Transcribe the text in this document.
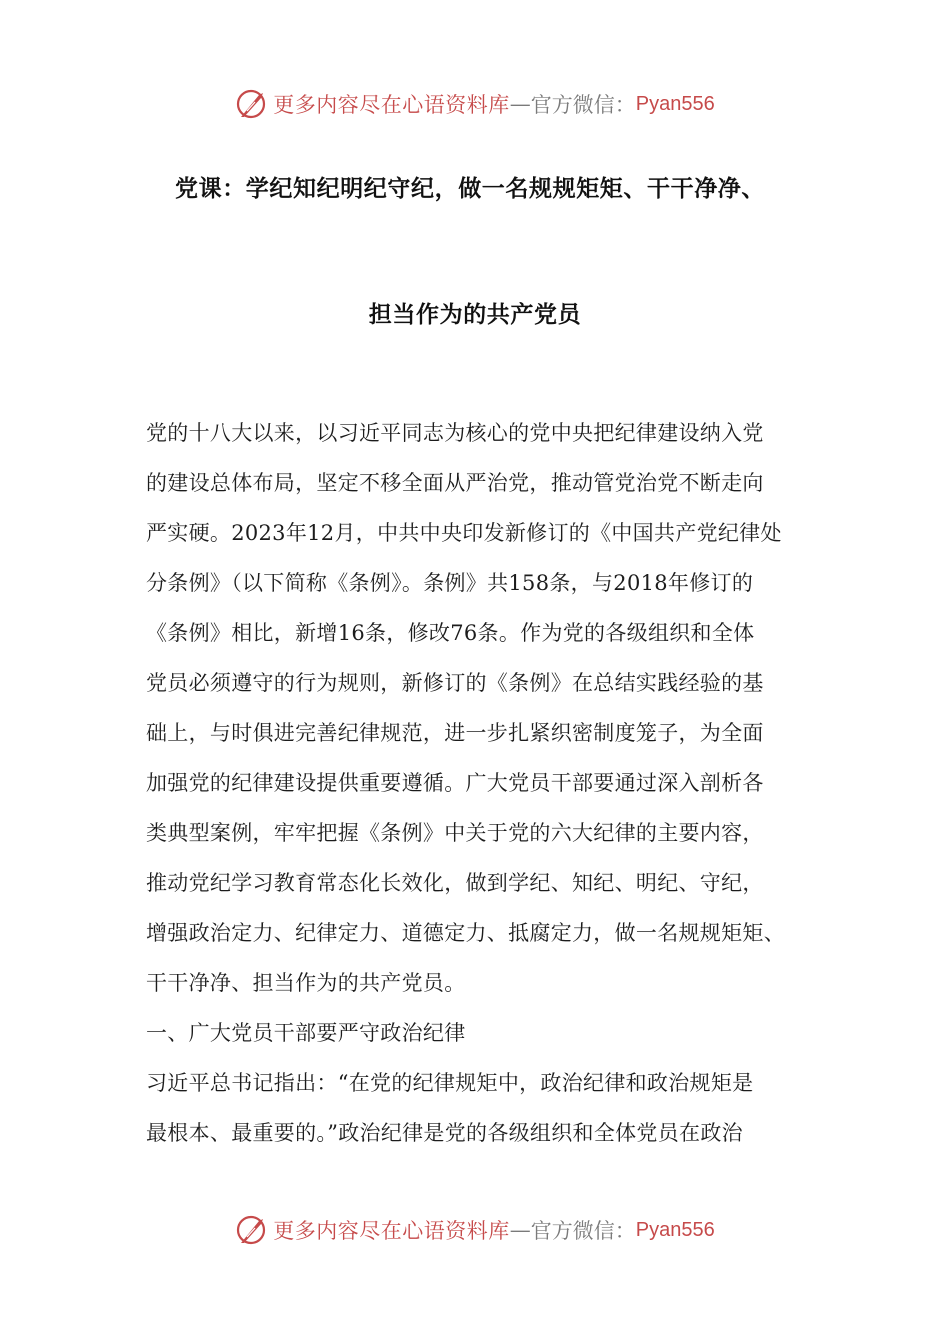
更多内容尽在心语资料库 — 官方微信： Pyan556
党课：学纪知纪明纪守纪，做一名规规矩矩、干干净净、
担当作为的共产党员
党的十八大以来，以习近平同志为核心的党中央把纪律建设纳入党
的建设总体布局，坚定不移全面从严治党，推动管党治党不断走向
严实硬。2023年12月，中共中央印发新修订的《中国共产党纪律处
分条例》（以下简称《条例》。条例》共158条，与2018年修订的
《条例》相比，新增16条，修改76条。作为党的各级组织和全体
党员必须遵守的行为规则，新修订的《条例》在总结实践经验的基
础上，与时俱进完善纪律规范，进一步扎紧织密制度笼子，为全面
加强党的纪律建设提供重要遵循。广大党员干部要通过深入剖析各
类典型案例，牢牢把握《条例》中关于党的六大纪律的主要内容，
推动党纪学习教育常态化长效化，做到学纪、知纪、明纪、守纪，
增强政治定力、纪律定力、道德定力、抵腐定力，做一名规规矩矩、
干干净净、担当作为的共产党员。
一、广大党员干部要严守政治纪律
习近平总书记指出：“在党的纪律规矩中，政治纪律和政治规矩是
最根本、最重要的。”政治纪律是党的各级组织和全体党员在政治
更多内容尽在心语资料库 — 官方微信： Pyan556
